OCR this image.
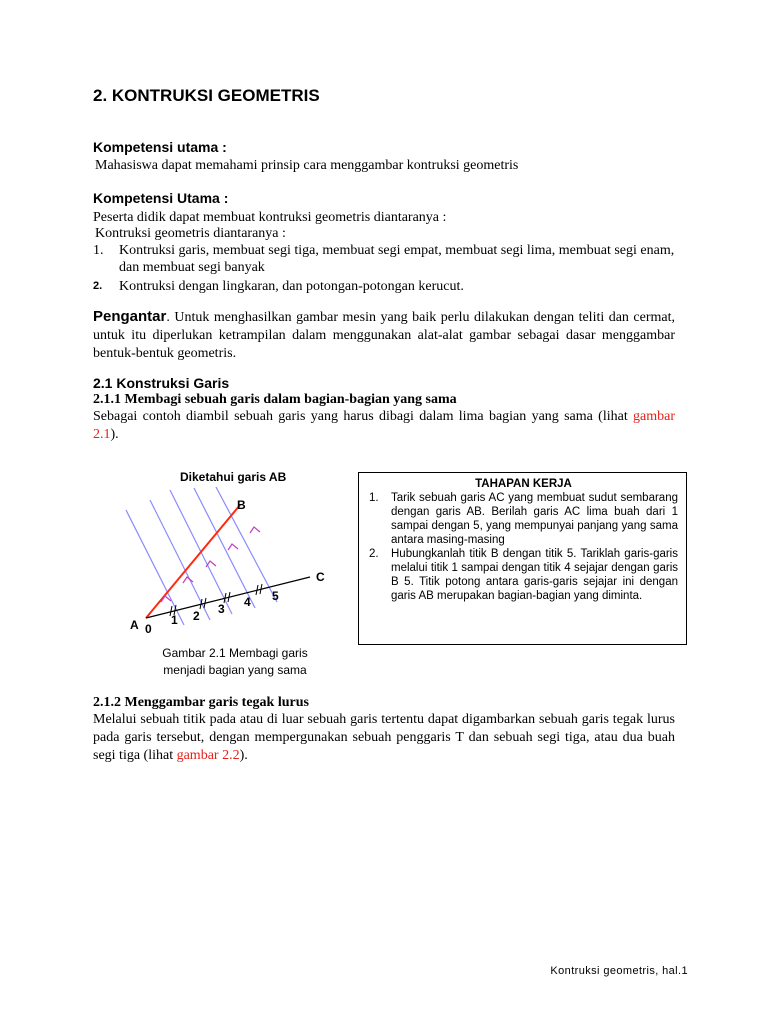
2. KONTRUKSI GEOMETRIS
Kompetensi utama :
Mahasiswa dapat memahami prinsip cara menggambar kontruksi geometris
Kompetensi Utama :
Peserta didik dapat membuat kontruksi geometris diantaranya :
Kontruksi geometris diantaranya :
1. Kontruksi garis, membuat segi tiga, membuat segi empat, membuat segi lima, membuat segi enam, dan membuat segi banyak
2. Kontruksi dengan lingkaran, dan potongan-potongan kerucut.
Pengantar. Untuk menghasilkan gambar mesin yang baik perlu dilakukan dengan teliti dan cermat, untuk itu diperlukan ketrampilan dalam menggunakan alat-alat gambar sebagai dasar menggambar bentuk-bentuk geometris.
2.1 Konstruksi Garis
2.1.1 Membagi sebuah garis dalam bagian-bagian yang sama
Sebagai contoh diambil sebuah garis yang harus dibagi dalam lima bagian yang sama (lihat gambar 2.1).
Diketahui garis AB
B
C
A 0
1 2 3 4 5
Gambar 2.1 Membagi garis
menjadi bagian yang sama
TAHAPAN KERJA
1. Tarik sebuah garis AC yang membuat sudut sembarang dengan garis AB. Berilah garis AC lima buah dari 1 sampai dengan 5, yang mempunyai panjang yang sama antara masing-masing
2. Hubungkanlah titik B dengan titik 5. Tariklah garis-garis melalui titik 1 sampai dengan titik 4 sejajar dengan garis B 5. Titik potong antara garis-garis sejajar ini dengan garis AB merupakan bagian-bagian yang diminta.
2.1.2 Menggambar garis tegak lurus
Melalui sebuah titik pada atau di luar sebuah garis tertentu dapat digambarkan sebuah garis tegak lurus pada garis tersebut, dengan mempergunakan sebuah penggaris T dan sebuah segi tiga, atau dua buah segi tiga (lihat gambar 2.2).
Kontruksi geometris, hal.1
